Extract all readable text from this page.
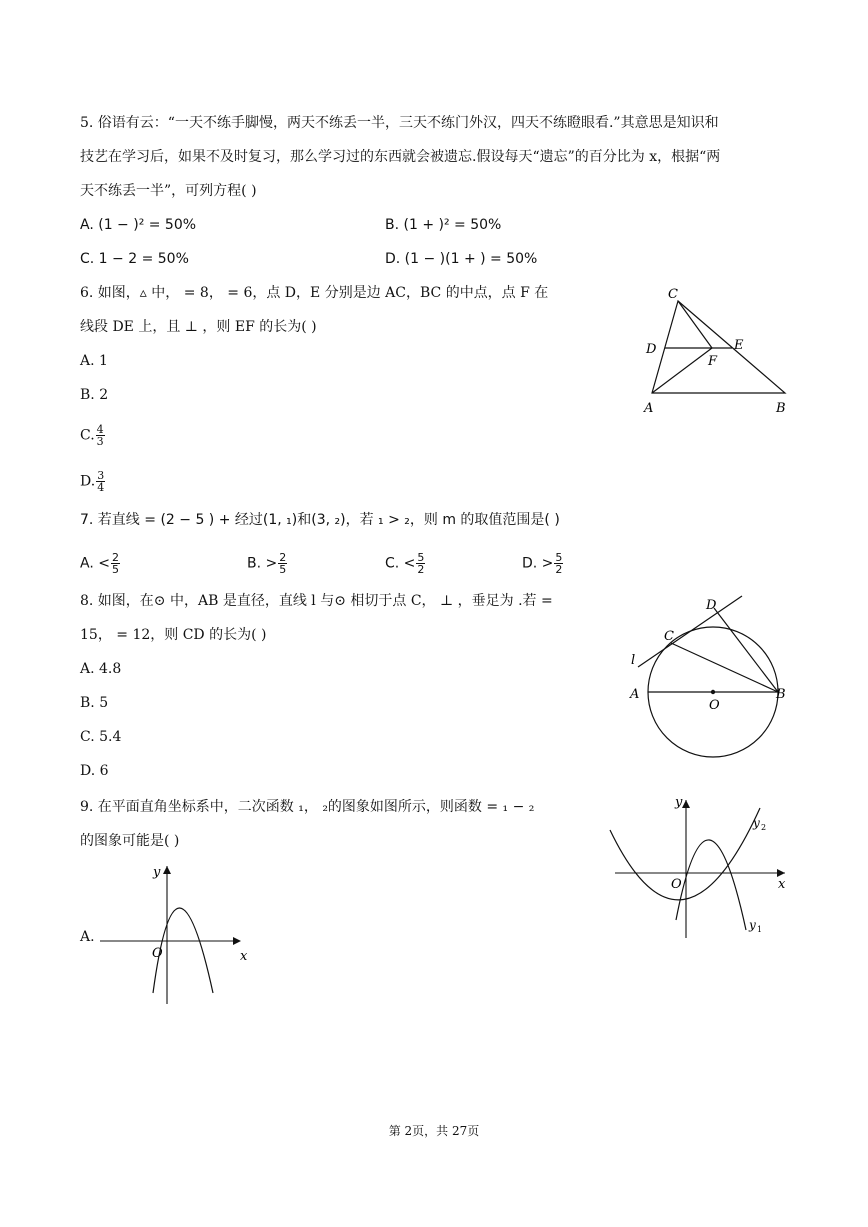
5. 俗语有云：“一天不练手脚慢，两天不练丢一半，三天不练门外汉，四天不练瞪眼看.”其意思是知识和
技艺在学习后，如果不及时复习，那么学习过的东西就会被遗忘.假设每天“遗忘”的百分比为 x，根据“两
天不练丢一半”，可列方程( )
A. (1 − )² = 50%	B. (1 + )² = 50%
C. 1 − 2 = 50%	D. (1 − )(1 + ) = 50%
6. 如图，▵ 中， = 8， = 6，点 D，E 分别是边 AC，BC 的中点，点 F 在
线段 DE 上，且 ⊥ ，则 EF 的长为( )
A. 1
B. 2
C. $\frac{4}{3}$
D. $\frac{3}{4}$
C
D	E
F
A	B
7. 若直线 = (2 − 5 ) + 经过(1, ₁)和(3, ₂)，若 ₁ > ₂，则 m 的取值范围是( )
A. < $\frac{2}{5}$	B. > $\frac{2}{5}$	C. < $\frac{5}{2}$	D. > $\frac{5}{2}$
8. 如图，在⊙ 中，AB 是直径，直线 l 与⊙ 相切于点 C， ⊥ ，垂足为 .若 =
15， = 12，则 CD 的长为( )
A. 4.8
B. 5
C. 5.4
D. 6
D
C
l
A
O
B
9. 在平面直角坐标系中，二次函数 ₁， ₂的图象如图所示，则函数 = ₁ − ₂
的图象可能是( )
A.
y
x
O
y 2
y 1
y
x
O
第 2页，共 27页
